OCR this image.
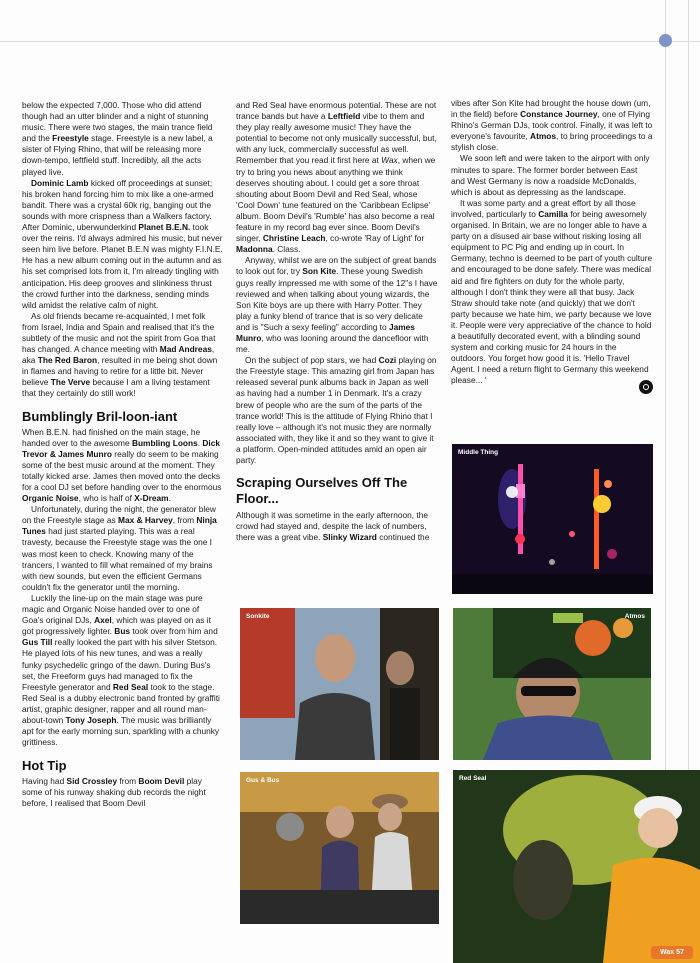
below the expected 7,000. Those who did attend though had an utter blinder and a night of stunning music. There were two stages, the main trance field and the Freestyle stage. Freestyle is a new label, a sister of Flying Rhino, that will be releasing more down-tempo, leftfield stuff. Incredibly, all the acts played live.

Dominic Lamb kicked off proceedings at sunset; his broken hand forcing him to mix like a one-armed bandit. There was a crystal 60k rig, banging out the sounds with more crispness than a Walkers factory. After Dominic, uberwunderkind Planet B.E.N. took over the reins. I'd always admired his music, but never seen him live before. Planet B.E.N was mighty F.I.N.E. He has a new album coming out in the autumn and as his set comprised lots from it, I'm already tingling with anticipation. His deep grooves and slinkiness thrust the crowd further into the darkness, sending minds wild amidst the relative calm of night.

As old friends became re-acquainted, I met folk from Israel, India and Spain and realised that it's the subtlety of the music and not the spirit from Goa that has changed. A chance meeting with Mad Andreas, aka The Red Baron, resulted in me being shot down in flames and having to retire for a little bit. Never believe The Verve because I am a living testament that they certainly do still work!

Bumblingly Bril-loon-iant

When B.E.N. had finished on the main stage, he handed over to the awesome Bumbling Loons. Dick Trevor & James Munro really do seem to be making some of the best music around at the moment. They totally kicked arse. James then moved onto the decks for a cool DJ set before handing over to the enormous Organic Noise, who is half of X-Dream.

Unfortunately, during the night, the generator blew on the Freestyle stage as Max & Harvey, from Ninja Tunes had just started playing. This was a real travesty, because the Freestyle stage was the one I was most keen to check. Knowing many of the trancers, I wanted to fill what remained of my brains with new sounds, but even the efficient Germans couldn't fix the generator until the morning.

Luckily the line-up on the main stage was pure magic and Organic Noise handed over to one of Goa's original DJs, Axel, which was played on as it got progressively lighter. Bus took over from him and Gus Till really looked the part with his silver Stetson. He played lots of his new tunes, and was a really funky psychedelic gringo of the dawn. During Bus's set, the Freeform guys had managed to fix the Freestyle generator and Red Seal took to the stage. Red Seal is a dubby electronic band fronted by graffiti artist, graphic designer, rapper and all round man-about-town Tony Joseph. The music was brilliantly apt for the early morning sun, sparkling with a chunky grittiness.

Hot Tip

Having had Sid Crossley from Boom Devil play some of his runway shaking dub records the night before, I realised that Boom Devil

and Red Seal have enormous potential. These are not trance bands but have a Leftfield vibe to them and they play really awesome music! They have the potential to become not only musically successful, but, with any luck, commercially successful as well. Remember that you read it first here at Wax, when we try to bring you news about anything we think deserves shouting about. I could get a sore throat shouting about Boom Devil and Red Seal, whose 'Cool Down' tune featured on the 'Caribbean Eclipse' album. Boom Devil's 'Rumble' has also become a real feature in my record bag ever since. Boom Devil's singer, Christine Leach, co-wrote 'Ray of Light' for Madonna. Class.

Anyway, whilst we are on the subject of great bands to look out for, try Son Kite. These young Swedish guys really impressed me with some of the 12"s I have reviewed and when talking about young wizards, the Son Kite boys are up there with Harry Potter. They play a funky blend of trance that is so very delicate and is "Such a sexy feeling" according to James Munro, who was looning around the dancefloor with me.

On the subject of pop stars, we had Cozi playing on the Freestyle stage. This amazing girl from Japan has released several punk albums back in Japan as well as having had a number 1 in Denmark. It's a crazy brew of people who are the sum of the parts of the trance world! This is the attitude of Flying Rhino that I really love – although it's not music they are normally associated with, they like it and so they want to give it a platform. Open-minded attitudes amid an open air party.

Scraping Ourselves Off The Floor...

Although it was sometime in the early afternoon, the crowd had stayed and, despite the lack of numbers, there was a great vibe. Slinky Wizard continued the

vibes after Son Kite had brought the house down (um, in the field) before Constance Journey, one of Flying Rhino's German DJs, took control. Finally, it was left to everyone's favourite, Atmos, to bring proceedings to a stylish close.

We soon left and were taken to the airport with only minutes to spare. The former border between East and West Germany is now a roadside McDonalds, which is about as depressing as the landscape.

It was some party and a great effort by all those involved, particularly to Camilla for being awesomely organised. In Britain, we are no longer able to have a party on a disused air base without risking losing all equipment to PC Pig and ending up in court. In Germany, techno is deemed to be part of youth culture and encouraged to be done safely. There was medical aid and fire fighters on duty for the whole party, although I don't think they were all that busy. Jack Straw should take note (and quickly) that we don't party because we hate him, we party because we love it. People were very appreciative of the chance to hold a beautifully decorated event, with a blinding sound system and corking music for 24 hours in the outdoors. You forget how good it is. 'Hello Travel Agent. I need a return flight to Germany this weekend please... '

Middle Thing
Sonkite	Atmos
Gus & Bus	Red Seal
Wax 57
